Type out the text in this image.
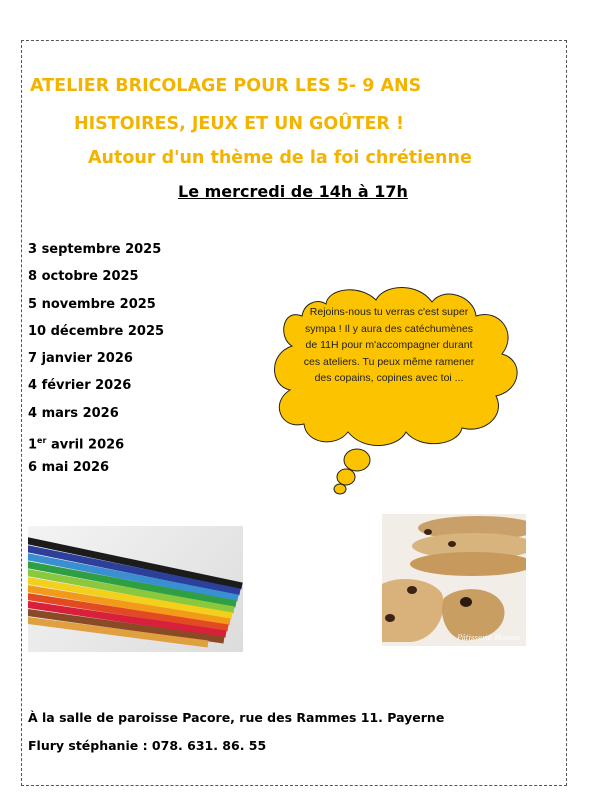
ATELIER BRICOLAGE POUR LES 5- 9 ANS
HISTOIRES, JEUX ET UN GOÛTER !
Autour d'un thème de la foi chrétienne
Le mercredi de 14h à 17h
3 septembre 2025
8 octobre 2025
5 novembre 2025
10 décembre 2025
7 janvier 2026
4 février 2026
4 mars 2026
1er avril 2026
6 mai 2026
Rejoins-nous tu verras c'est super sympa ! Il y aura des catéchumènes de 11H pour m'accompagner durant ces ateliers. Tu peux même ramener des copains, copines avec toi ...
Pâtisserie Maison
À la salle de paroisse Pacore, rue des Rammes 11. Payerne
Flury stéphanie : 078. 631. 86. 55
